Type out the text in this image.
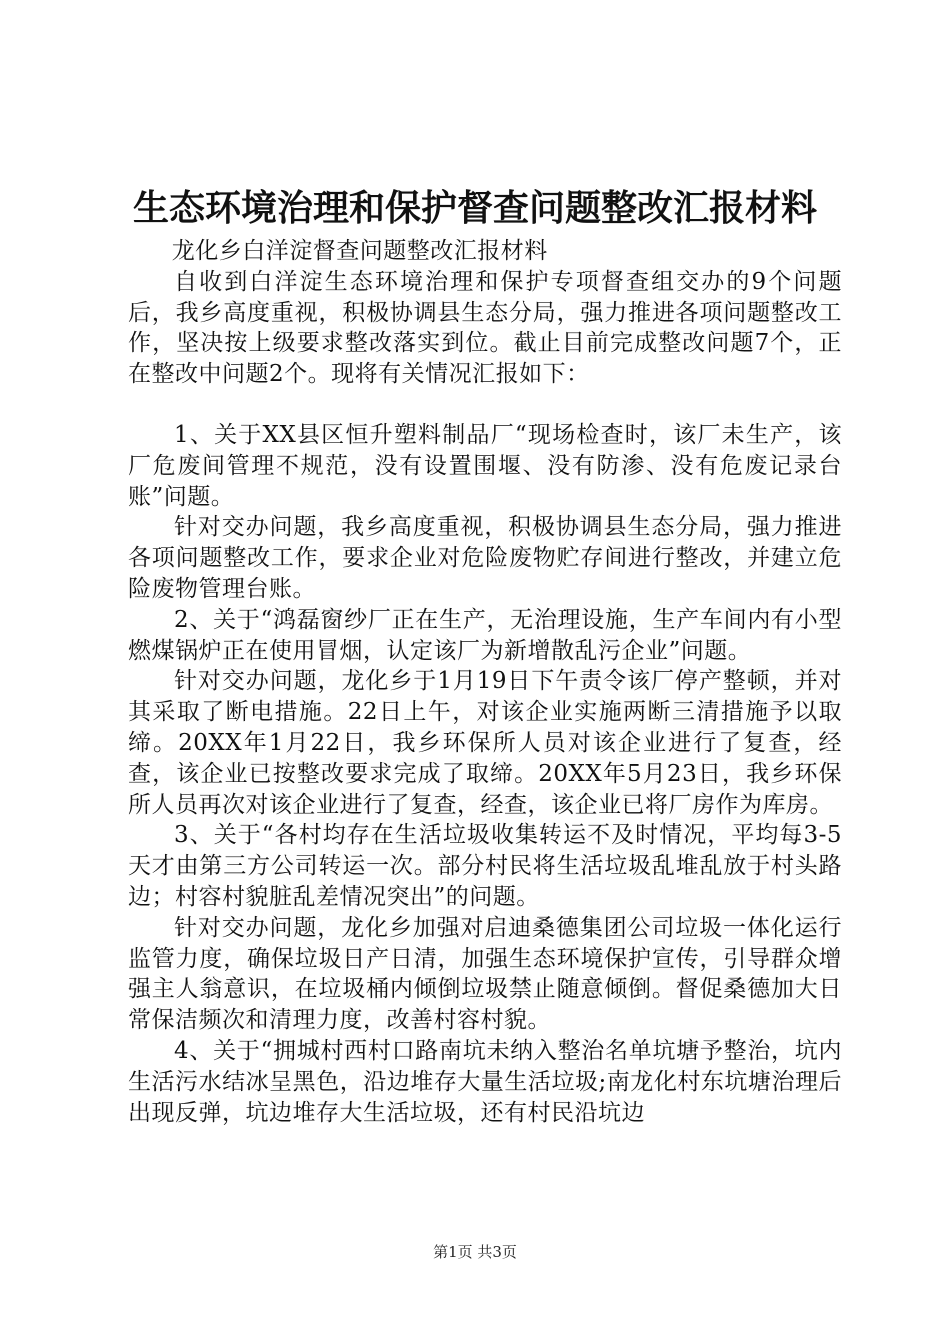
生态环境治理和保护督查问题整改汇报材料

龙化乡白洋淀督查问题整改汇报材料

自收到白洋淀生态环境治理和保护专项督查组交办的9个问题后，我乡高度重视，积极协调县生态分局，强力推进各项问题整改工作，坚决按上级要求整改落实到位。截止目前完成整改问题7个，正在整改中问题2个。现将有关情况汇报如下：

1、关于XX县区恒升塑料制品厂“现场检查时，该厂未生产，该厂危废间管理不规范，没有设置围堰、没有防渗、没有危废记录台账”问题。

针对交办问题，我乡高度重视，积极协调县生态分局，强力推进各项问题整改工作，要求企业对危险废物贮存间进行整改，并建立危险废物管理台账。

2、关于“鸿磊窗纱厂正在生产，无治理设施，生产车间内有小型燃煤锅炉正在使用冒烟，认定该厂为新增散乱污企业”问题。

针对交办问题，龙化乡于1月19日下午责令该厂停产整顿，并对其采取了断电措施。22日上午，对该企业实施两断三清措施予以取缔。20XX年1月22日，我乡环保所人员对该企业进行了复查，经查，该企业已按整改要求完成了取缔。20XX年5月23日，我乡环保所人员再次对该企业进行了复查，经查，该企业已将厂房作为库房。

3、关于“各村均存在生活垃圾收集转运不及时情况，平均每3-5天才由第三方公司转运一次。部分村民将生活垃圾乱堆乱放于村头路边；村容村貌脏乱差情况突出”的问题。

针对交办问题，龙化乡加强对启迪桑德集团公司垃圾一体化运行监管力度，确保垃圾日产日清，加强生态环境保护宣传，引导群众增强主人翁意识，在垃圾桶内倾倒垃圾禁止随意倾倒。督促桑德加大日常保洁频次和清理力度，改善村容村貌。

4、关于“拥城村西村口路南坑未纳入整治名单坑塘予整治，坑内生活污水结冰呈黑色，沿边堆存大量生活垃圾;南龙化村东坑塘治理后出现反弹，坑边堆存大生活垃圾，还有村民沿坑边

第1页 共3页
